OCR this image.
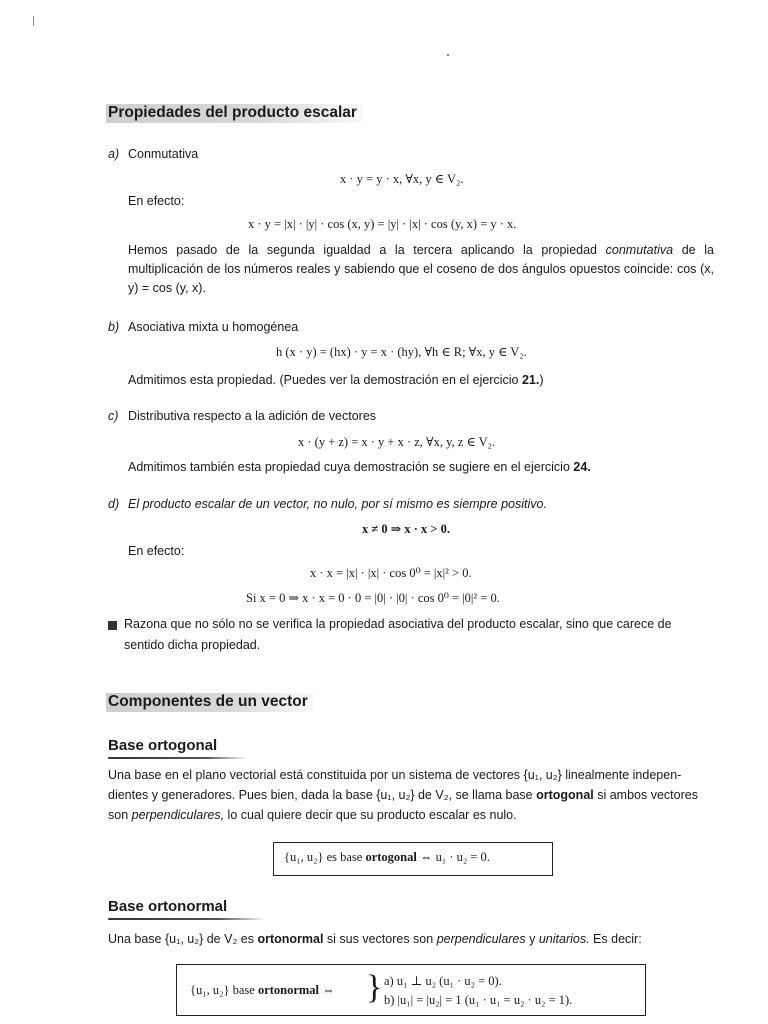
Propiedades del producto escalar
a) Conmutativa
x · y = y · x, ∀x, y ∈ V₂.
En efecto:
x · y = |x| · |y| · cos (x, y) = |y| · |x| · cos (y, x) = y · x.
Hemos pasado de la segunda igualdad a la tercera aplicando la propiedad conmutativa de la multiplicación de los números reales y sabiendo que el coseno de dos ángulos opuestos coincide: cos (x, y) = cos (y, x).
b) Asociativa mixta u homogénea
h (x · y) = (hx) · y = x · (hy), ∀h ∈ R; ∀x, y ∈ V₂.
Admitimos esta propiedad. (Puedes ver la demostración en el ejercicio 21.)
c) Distributiva respecto a la adición de vectores
x · (y + z) = x · y + x · z, ∀x, y, z ∈ V₂.
Admitimos también esta propiedad cuya demostración se sugiere en el ejercicio 24.
d) El producto escalar de un vector, no nulo, por sí mismo es siempre positivo.
x ≠ 0 ⇒ x · x > 0.
En efecto:
x · x = |x| · |x| · cos 0⁰ = |x|² > 0.
Si x = 0 ⇒ x · x = 0 · 0 = |0| · |0| · cos 0⁰ = |0|² = 0.
Razona que no sólo no se verifica la propiedad asociativa del producto escalar, sino que carece de
sentido dicha propiedad.
Componentes de un vector
Base ortogonal
Una base en el plano vectorial está constituida por un sistema de vectores {u₁, u₂} linealmente indepen-
dientes y generadores. Pues bien, dada la base {u₁, u₂} de V₂, se llama base ortogonal si ambos vectores
son perpendiculares, lo cual quiere decir que su producto escalar es nulo.
{u₁, u₂} es base ortogonal ⇔ u₁ · u₂ = 0.
Base ortonormal
Una base {u₁, u₂} de V₂ es ortonormal si sus vectores son perpendiculares y unitarios. Es decir:
{u₁, u₂} base ortonormal ⇔ } a) u₁ ⊥ u₂ (u₁ · u₂ = 0).
b) |u₁| = |u₂| = 1 (u₁ · u₁ = u₂ · u₂ = 1).
